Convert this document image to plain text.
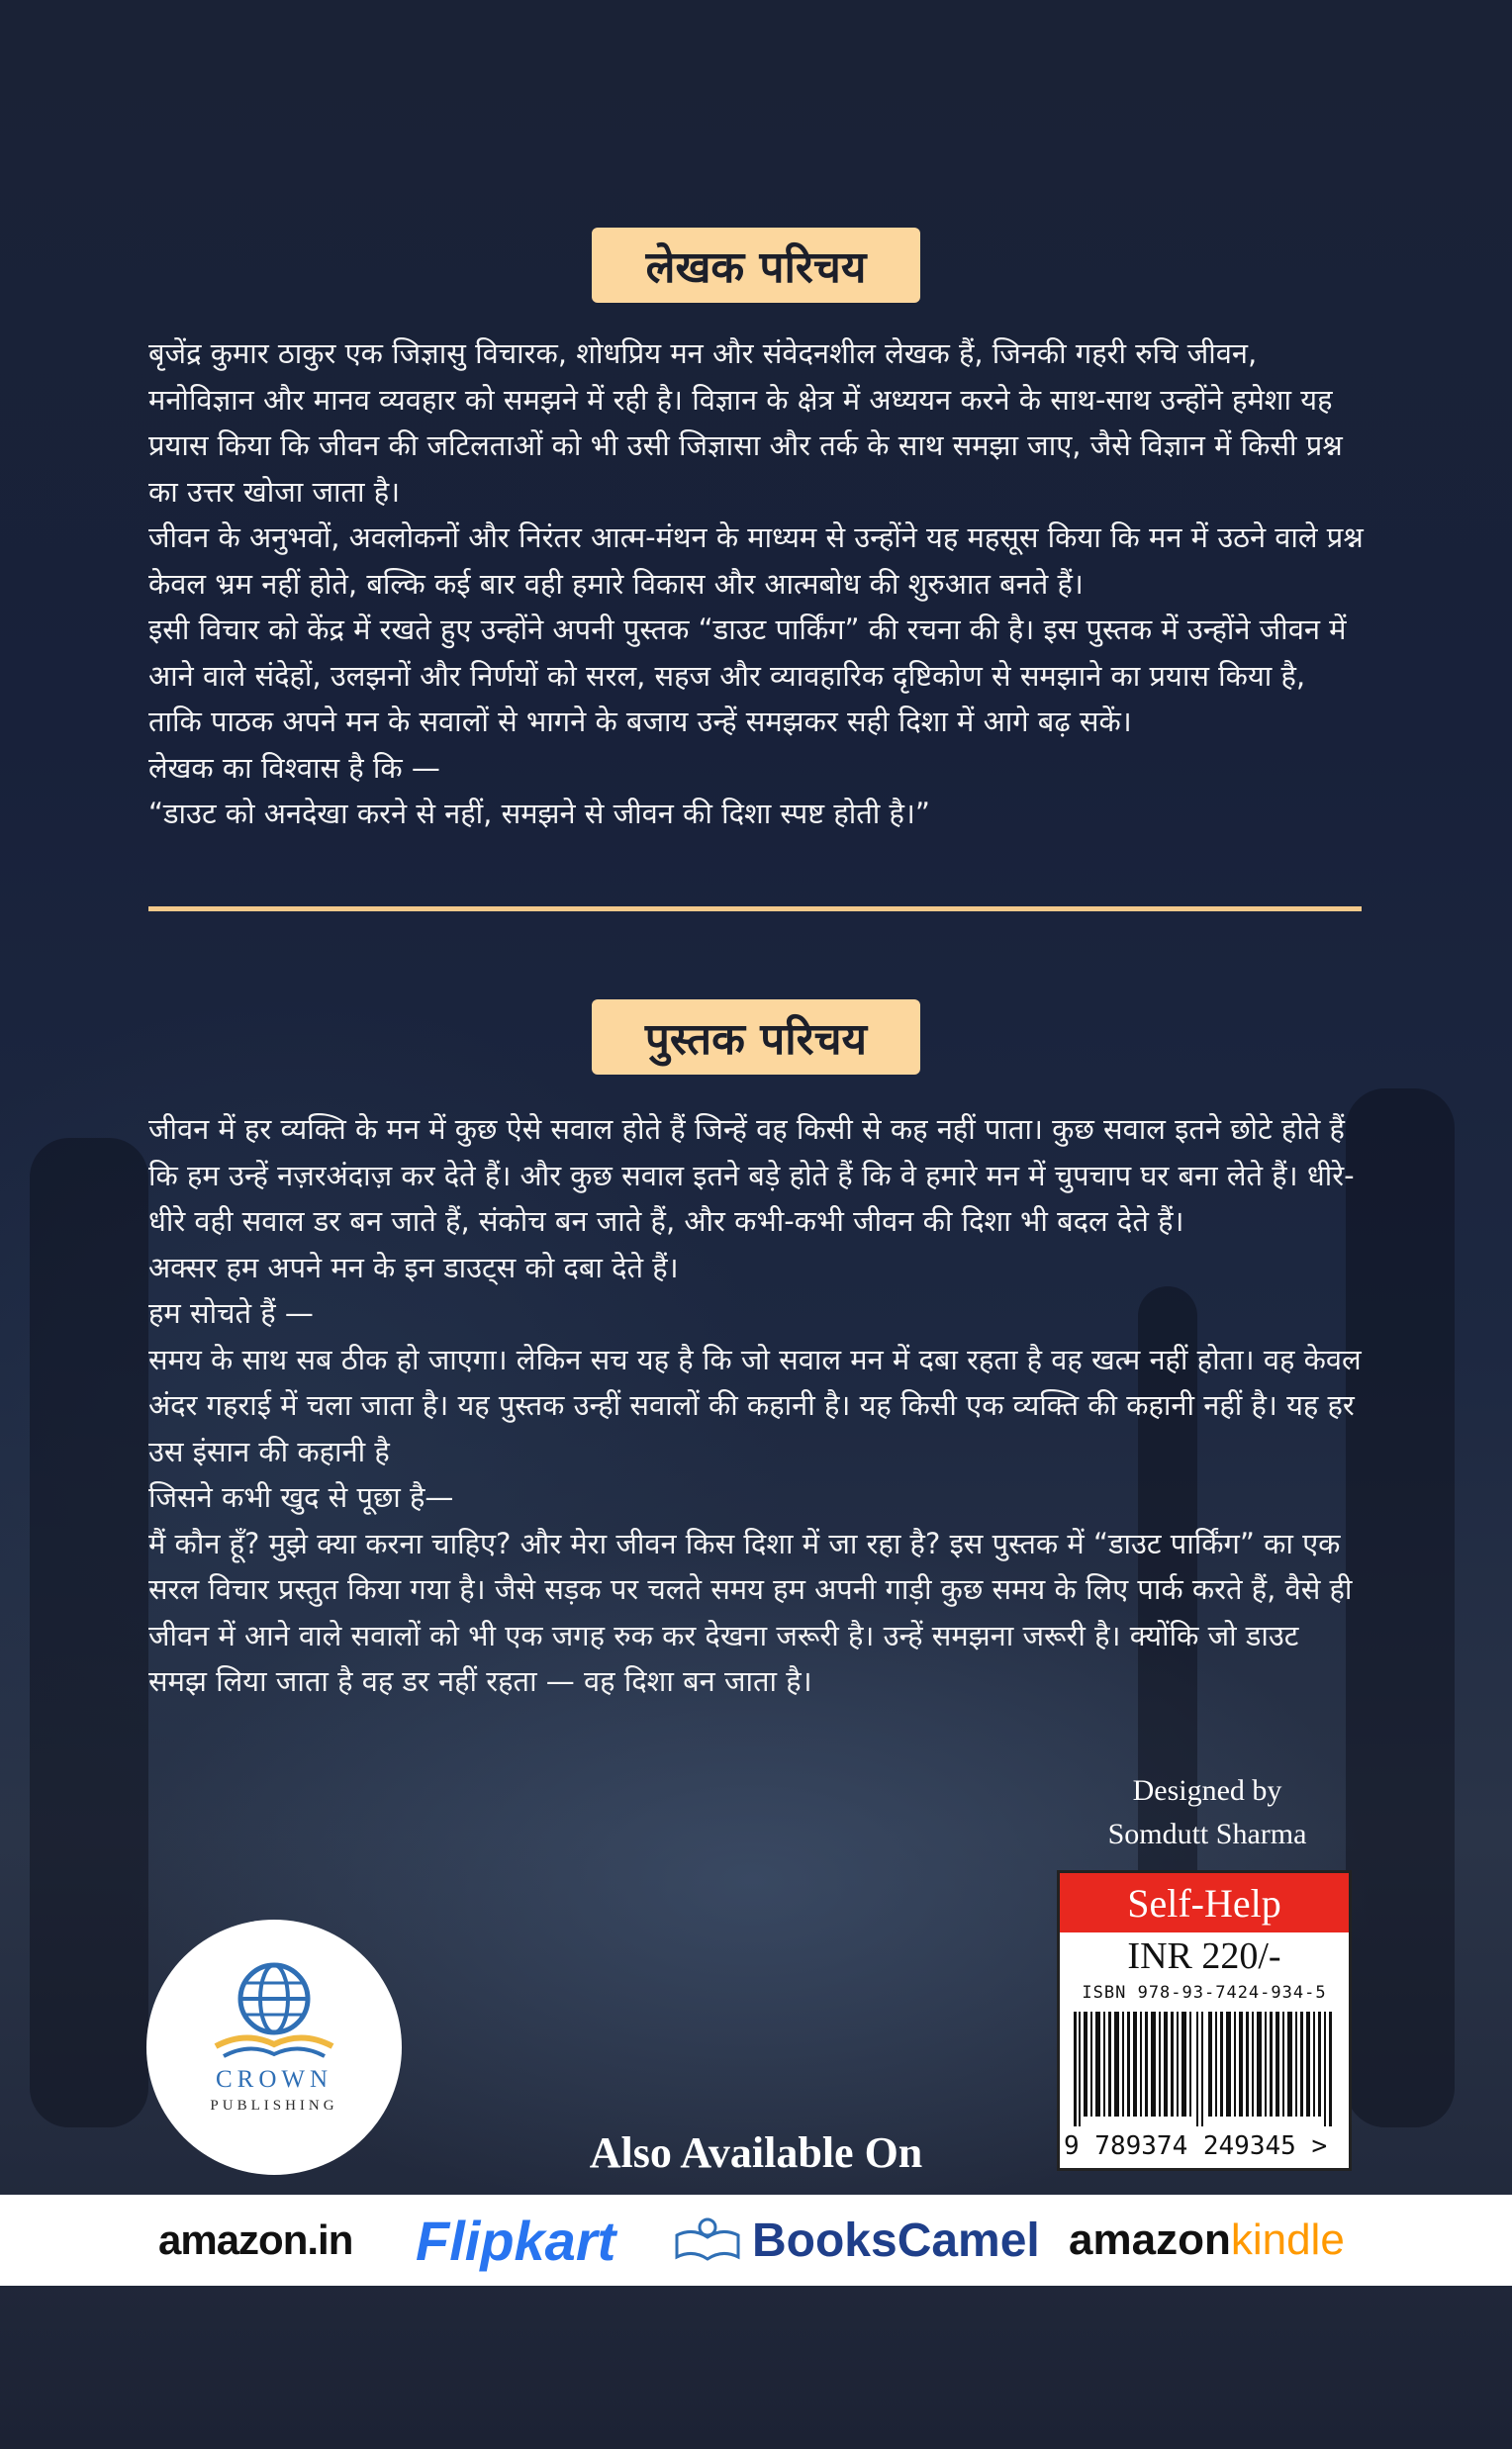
लेखक परिचय

बृजेंद्र कुमार ठाकुर एक जिज्ञासु विचारक, शोधप्रिय मन और संवेदनशील लेखक हैं, जिनकी गहरी रुचि जीवन, मनोविज्ञान और मानव व्यवहार को समझने में रही है। विज्ञान के क्षेत्र में अध्ययन करने के साथ-साथ उन्होंने हमेशा यह प्रयास किया कि जीवन की जटिलताओं को भी उसी जिज्ञासा और तर्क के साथ समझा जाए, जैसे विज्ञान में किसी प्रश्न का उत्तर खोजा जाता है।

जीवन के अनुभवों, अवलोकनों और निरंतर आत्म-मंथन के माध्यम से उन्होंने यह महसूस किया कि मन में उठने वाले प्रश्न केवल भ्रम नहीं होते, बल्कि कई बार वही हमारे विकास और आत्मबोध की शुरुआत बनते हैं।

इसी विचार को केंद्र में रखते हुए उन्होंने अपनी पुस्तक “डाउट पार्किंग” की रचना की है। इस पुस्तक में उन्होंने जीवन में आने वाले संदेहों, उलझनों और निर्णयों को सरल, सहज और व्यावहारिक दृष्टिकोण से समझाने का प्रयास किया है, ताकि पाठक अपने मन के सवालों से भागने के बजाय उन्हें समझकर सही दिशा में आगे बढ़ सकें।

लेखक का विश्वास है कि —

“डाउट को अनदेखा करने से नहीं, समझने से जीवन की दिशा स्पष्ट होती है।”

पुस्तक परिचय

जीवन में हर व्यक्ति के मन में कुछ ऐसे सवाल होते हैं जिन्हें वह किसी से कह नहीं पाता। कुछ सवाल इतने छोटे होते हैं कि हम उन्हें नज़रअंदाज़ कर देते हैं। और कुछ सवाल इतने बड़े होते हैं कि वे हमारे मन में चुपचाप घर बना लेते हैं। धीरे-धीरे वही सवाल डर बन जाते हैं, संकोच बन जाते हैं, और कभी-कभी जीवन की दिशा भी बदल देते हैं।

अक्सर हम अपने मन के इन डाउट्स को दबा देते हैं।

हम सोचते हैं —

समय के साथ सब ठीक हो जाएगा। लेकिन सच यह है कि जो सवाल मन में दबा रहता है वह खत्म नहीं होता। वह केवल अंदर गहराई में चला जाता है। यह पुस्तक उन्हीं सवालों की कहानी है। यह किसी एक व्यक्ति की कहानी नहीं है। यह हर उस इंसान की कहानी है

जिसने कभी खुद से पूछा है—

मैं कौन हूँ? मुझे क्या करना चाहिए? और मेरा जीवन किस दिशा में जा रहा है? इस पुस्तक में “डाउट पार्किंग” का एक सरल विचार प्रस्तुत किया गया है। जैसे सड़क पर चलते समय हम अपनी गाड़ी कुछ समय के लिए पार्क करते हैं, वैसे ही जीवन में आने वाले सवालों को भी एक जगह रुक कर देखना जरूरी है। उन्हें समझना जरूरी है। क्योंकि जो डाउट समझ लिया जाता है वह डर नहीं रहता — वह दिशा बन जाता है।

Designed by
Somdutt Sharma
Self-Help
INR 220/-
ISBN 978-93-7424-934-5
9 789374 249345 >
CROWN
PUBLISHING
Also Available On
amazon.in Flipkart	BooksCamel amazon kindle
